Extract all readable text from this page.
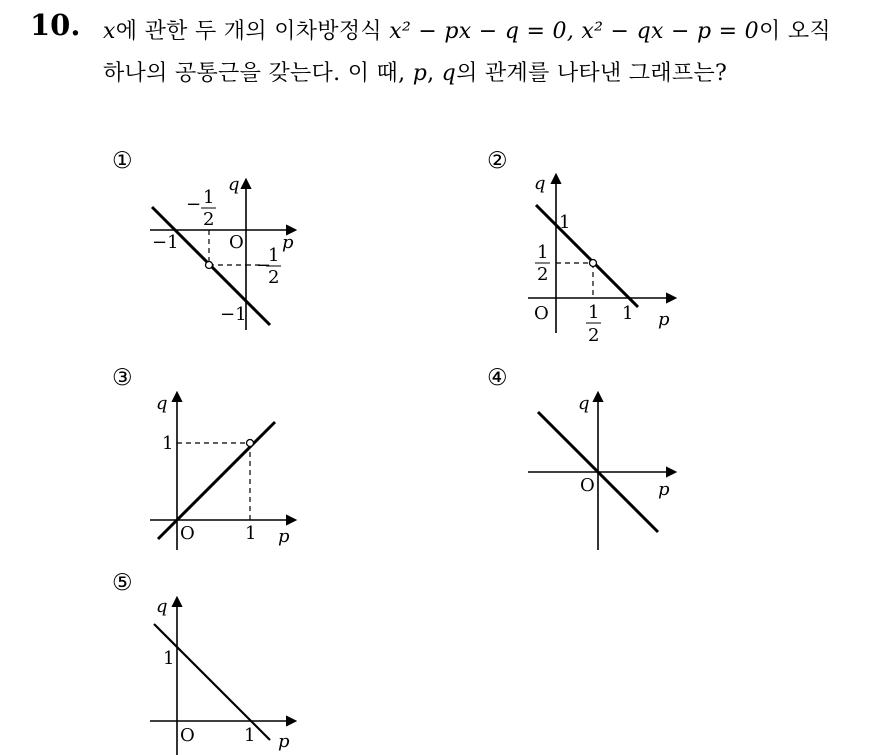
10. x에 관한 두 개의 이차방정식 x² − px − q = 0, x² − qx − p = 0이 오직
하나의 공통근을 갖는다. 이 때, p, q의 관계를 나타낸 그래프는?
①
q
p
O
−1
−1
− 1
2
−
1
2
②
q
p
O
1
1
1
2
1
2
③
q
p
O
1
1
④
q
p
O
⑤
q
p
O
1
1
